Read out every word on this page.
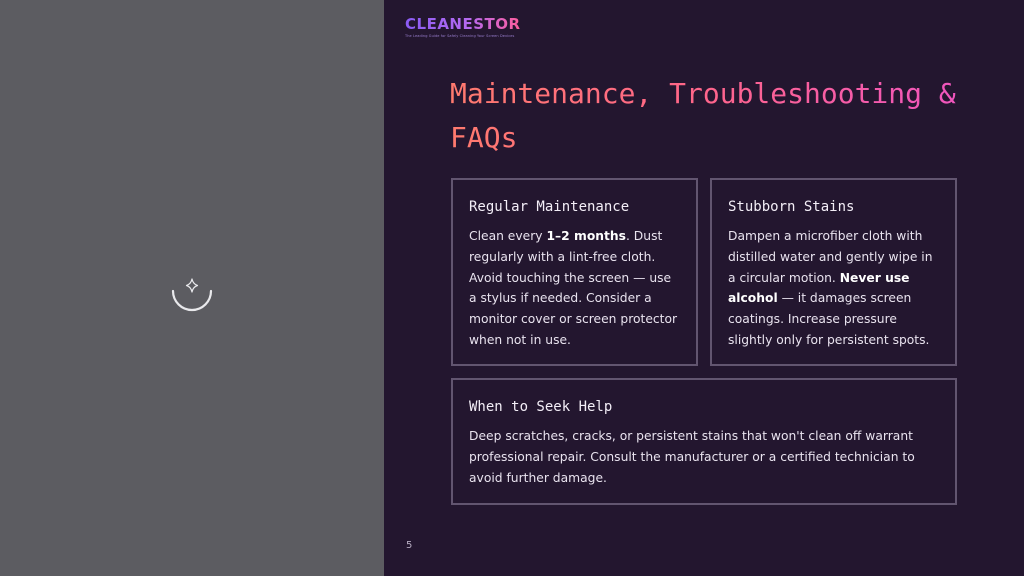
CLEANESTOR
The Leading Guide for Safely Cleaning Your Screen Devices
Maintenance, Troubleshooting & FAQs
Regular Maintenance

Clean every 1–2 months. Dust regularly with a lint-free cloth. Avoid touching the screen — use a stylus if needed. Consider a monitor cover or screen protector when not in use.

Stubborn Stains

Dampen a microfiber cloth with distilled water and gently wipe in a circular motion. Never use alcohol — it damages screen coatings. Increase pressure slightly only for persistent spots.

When to Seek Help

Deep scratches, cracks, or persistent stains that won't clean off warrant professional repair. Consult the manufacturer or a certified technician to avoid further damage.

5
